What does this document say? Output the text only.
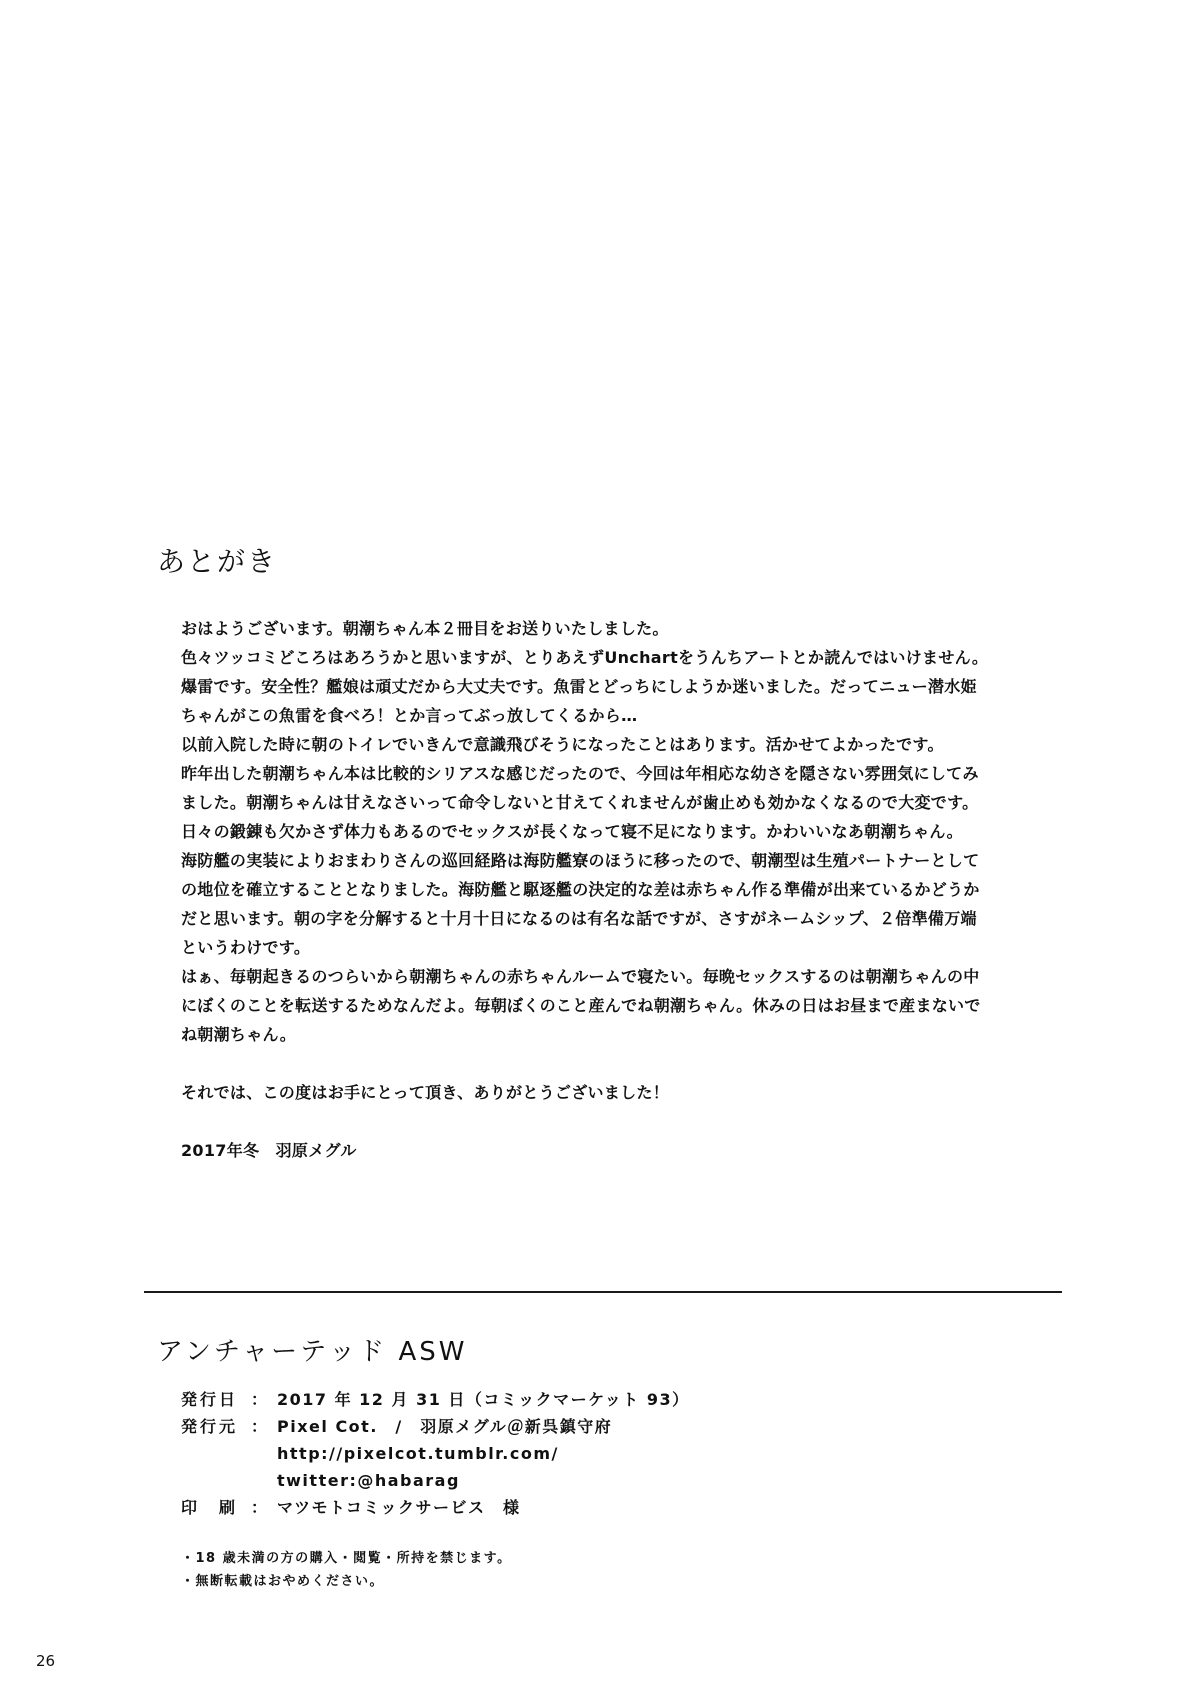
あとがき
おはようございます。朝潮ちゃん本２冊目をお送りいたしました。
色々ツッコミどころはあろうかと思いますが、とりあえずUnchartをうんちアートとか読んではいけません。
爆雷です。安全性？艦娘は頑丈だから大丈夫です。魚雷とどっちにしようか迷いました。だってニュー潜水姫
ちゃんがこの魚雷を食べろ！とか言ってぶっ放してくるから…
以前入院した時に朝のトイレでいきんで意識飛びそうになったことはあります。活かせてよかったです。
昨年出した朝潮ちゃん本は比較的シリアスな感じだったので、今回は年相応な幼さを隠さない雰囲気にしてみ
ました。朝潮ちゃんは甘えなさいって命令しないと甘えてくれませんが歯止めも効かなくなるので大変です。
日々の鍛錬も欠かさず体力もあるのでセックスが長くなって寝不足になります。かわいいなあ朝潮ちゃん。
海防艦の実装によりおまわりさんの巡回経路は海防艦寮のほうに移ったので、朝潮型は生殖パートナーとして
の地位を確立することとなりました。海防艦と駆逐艦の決定的な差は赤ちゃん作る準備が出来ているかどうか
だと思います。朝の字を分解すると十月十日になるのは有名な話ですが、さすがネームシップ、２倍準備万端
というわけです。
はぁ、毎朝起きるのつらいから朝潮ちゃんの赤ちゃんルームで寝たい。毎晩セックスするのは朝潮ちゃんの中
にぼくのことを転送するためなんだよ。毎朝ぼくのこと産んでね朝潮ちゃん。休みの日はお昼まで産まないで
ね朝潮ちゃん。
それでは、この度はお手にとって頂き、ありがとうございました！
2017年冬　羽原メグル
アンチャーテッド ASW
発行日 ： 2017 年 12 月 31 日（コミックマーケット 93）
発行元 ： Pixel Cot.　/　羽原メグル＠新呉鎮守府
http://pixelcot.tumblr.com/
twitter:@habarag
印　刷 ： マツモトコミックサービス　様
・18 歳未満の方の購入・閲覧・所持を禁じます。
・無断転載はおやめください。
26
